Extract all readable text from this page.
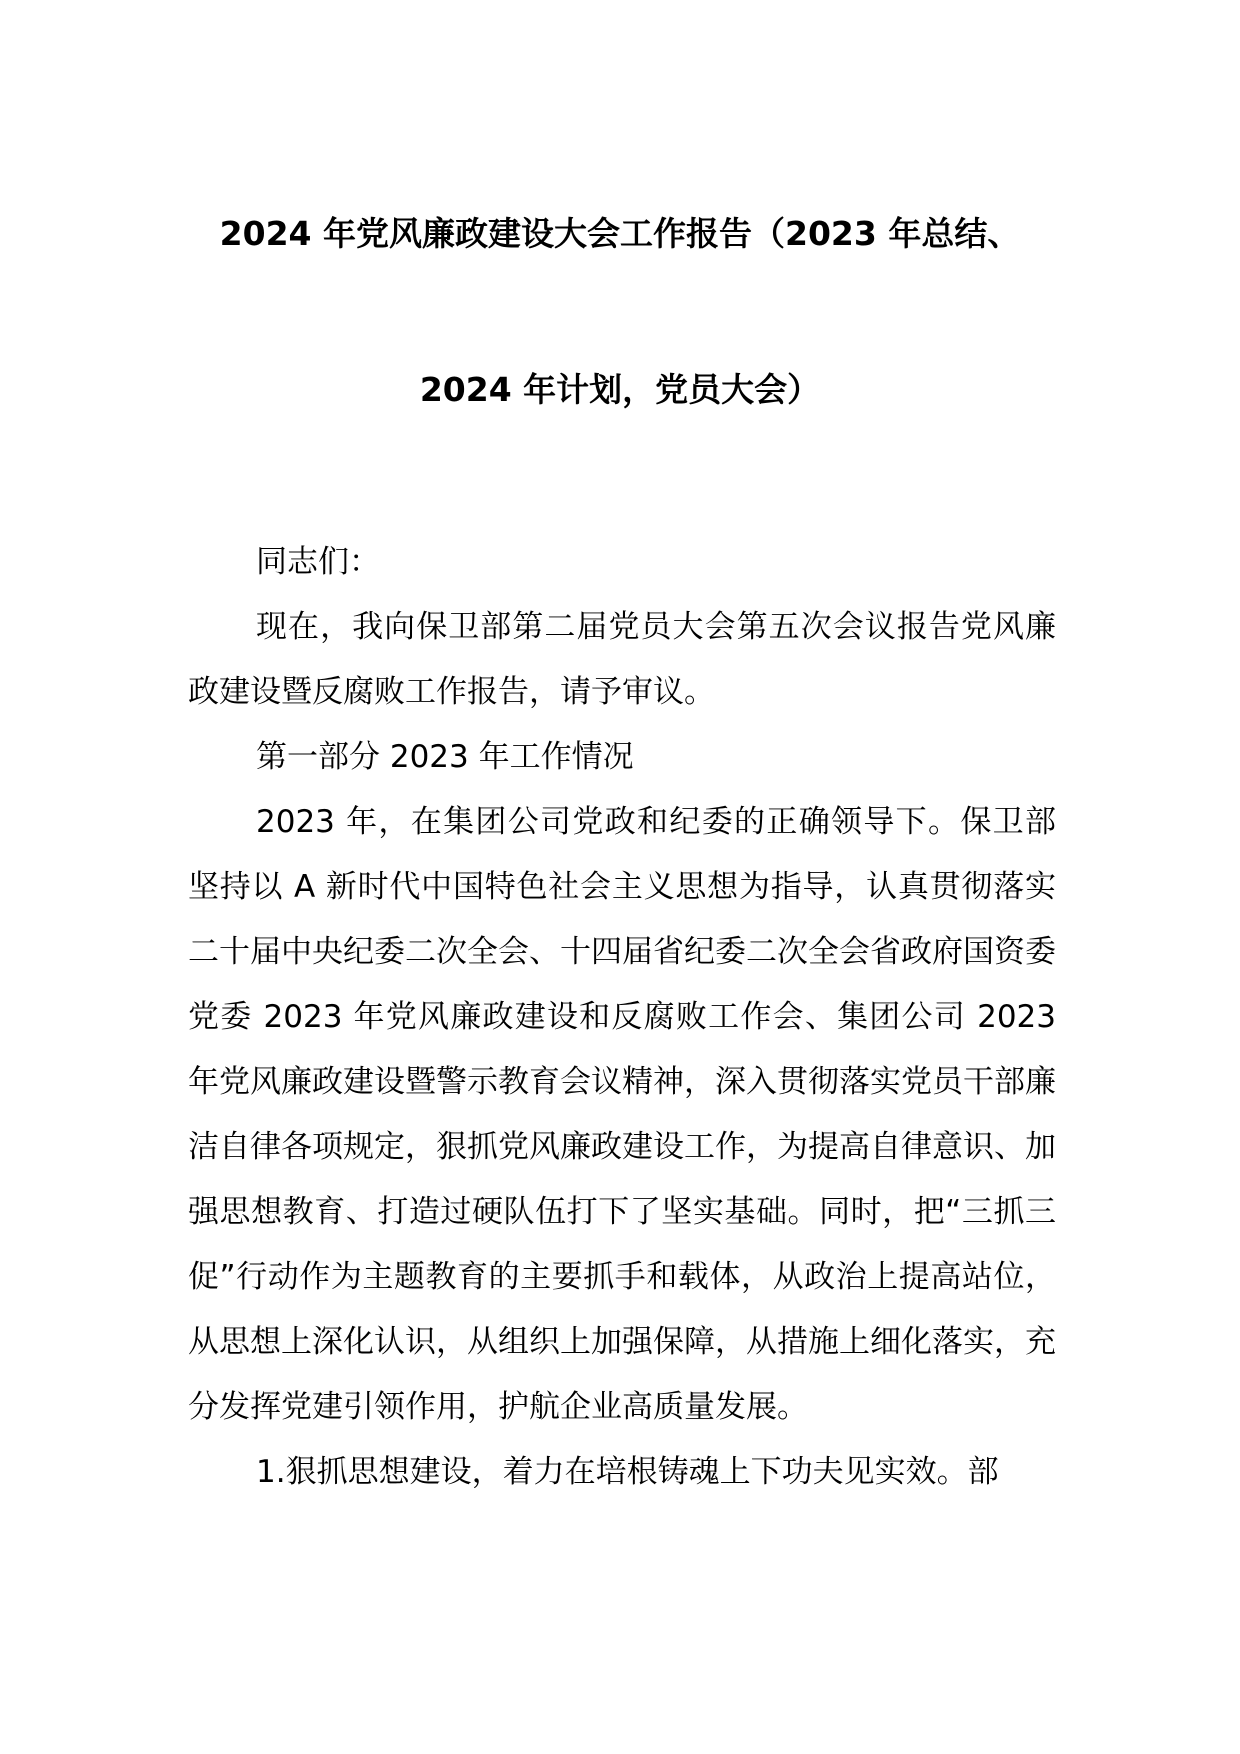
2024 年党风廉政建设大会工作报告（2023 年总结、
2024 年计划，党员大会）

同志们：

现在，我向保卫部第二届党员大会第五次会议报告党风廉政建设暨反腐败工作报告，请予审议。

第一部分 2023 年工作情况

2023 年，在集团公司党政和纪委的正确领导下。保卫部坚持以 A 新时代中国特色社会主义思想为指导，认真贯彻落实二十届中央纪委二次全会、十四届省纪委二次全会省政府国资委党委 2023 年党风廉政建设和反腐败工作会、集团公司 2023 年党风廉政建设暨警示教育会议精神，深入贯彻落实党员干部廉洁自律各项规定，狠抓党风廉政建设工作，为提高自律意识、加强思想教育、打造过硬队伍打下了坚实基础。同时，把“三抓三促”行动作为主题教育的主要抓手和载体，从政治上提高站位，从思想上深化认识，从组织上加强保障，从措施上细化落实，充分发挥党建引领作用，护航企业高质量发展。

1.狠抓思想建设，着力在培根铸魂上下功夫见实效。部
